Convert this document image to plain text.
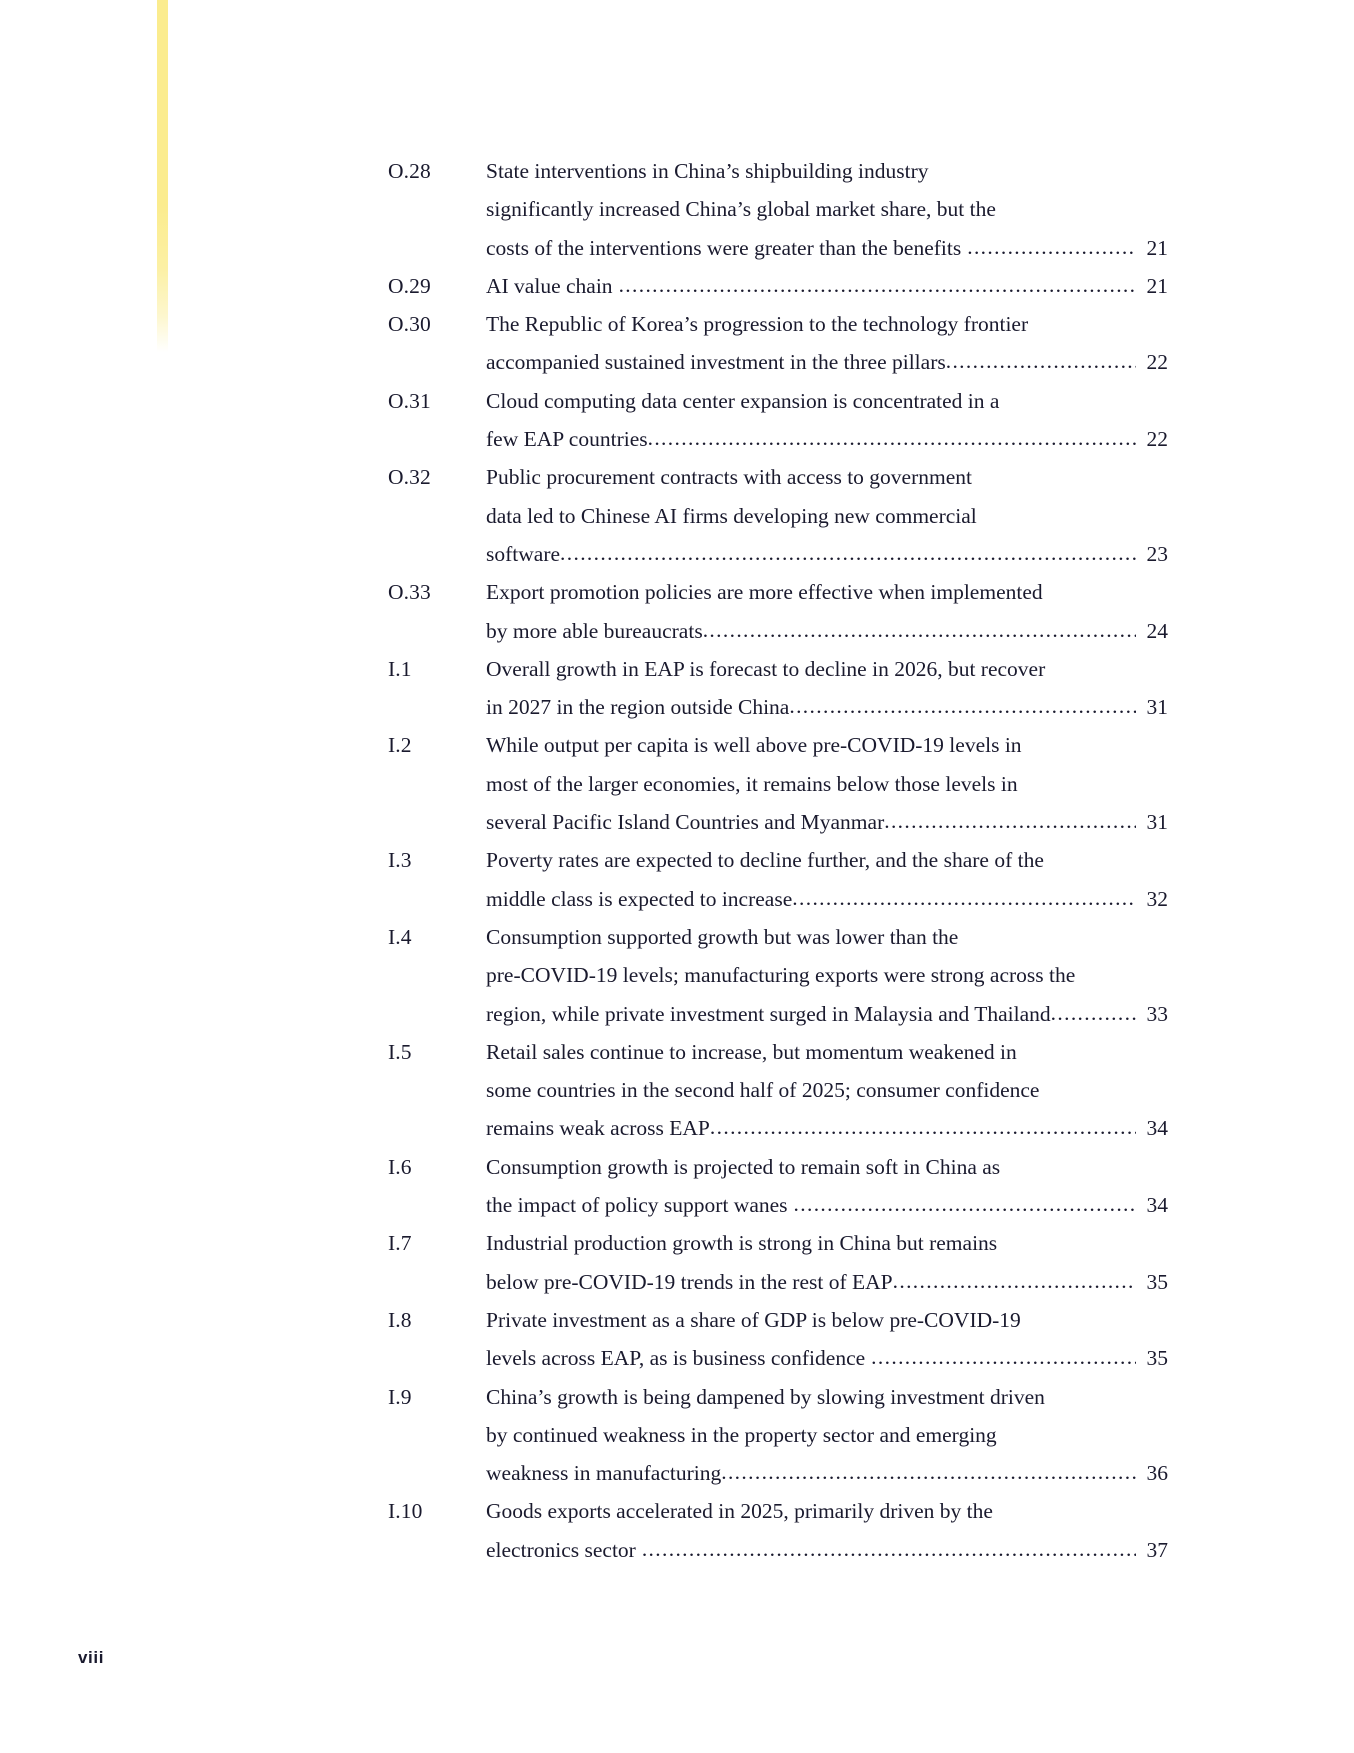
O.28	State interventions in China’s shipbuilding industry
significantly increased China’s global market share, but the
costs of the interventions were greater than the benefits .....	21
O.29	AI value chain .....	21
O.30	The Republic of Korea’s progression to the technology frontier
accompanied sustained investment in the three pillars .....	22
O.31	Cloud computing data center expansion is concentrated in a
few EAP countries .....	22
O.32	Public procurement contracts with access to government
data led to Chinese AI firms developing new commercial
software .....	23
O.33	Export promotion policies are more effective when implemented
by more able bureaucrats .....	24
I.1	Overall growth in EAP is forecast to decline in 2026, but recover
in 2027 in the region outside China .....	31
I.2	While output per capita is well above pre-COVID-19 levels in
most of the larger economies, it remains below those levels in
several Pacific Island Countries and Myanmar .....	31
I.3	Poverty rates are expected to decline further, and the share of the
middle class is expected to increase .....	32
I.4	Consumption supported growth but was lower than the
pre-COVID-19 levels; manufacturing exports were strong across the
region, while private investment surged in Malaysia and Thailand .....	33
I.5	Retail sales continue to increase, but momentum weakened in
some countries in the second half of 2025; consumer confidence
remains weak across EAP .....	34
I.6	Consumption growth is projected to remain soft in China as
the impact of policy support wanes .....	34
I.7	Industrial production growth is strong in China but remains
below pre-COVID-19 trends in the rest of EAP .....	35
I.8	Private investment as a share of GDP is below pre-COVID-19
levels across EAP, as is business confidence .....	35
I.9	China’s growth is being dampened by slowing investment driven
by continued weakness in the property sector and emerging
weakness in manufacturing .....	36
I.10	Goods exports accelerated in 2025, primarily driven by the
electronics sector .....	37
viii
